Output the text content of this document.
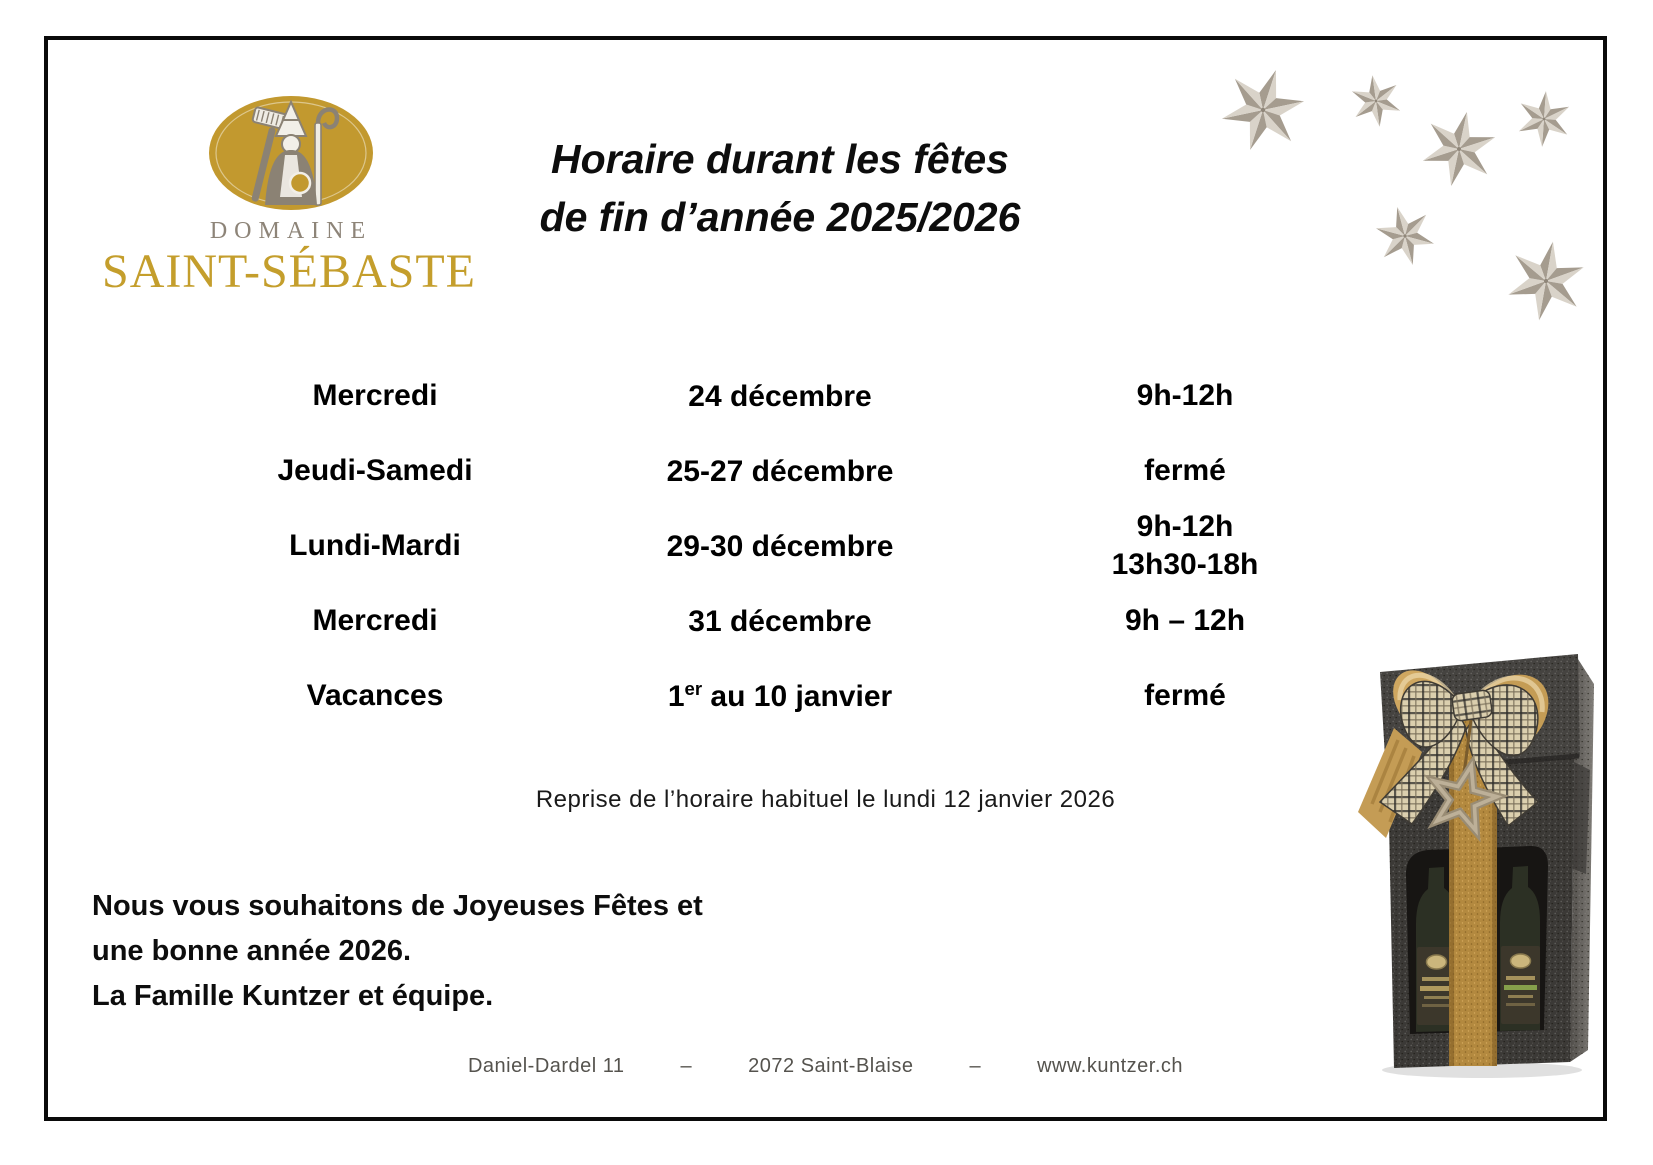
DOMAINE
SAINT-SÉBASTE
Horaire durant les fêtes
de fin d’année 2025/2026
Mercredi	24 décembre	9h-12h
Jeudi-Samedi	25-27 décembre	fermé
Lundi-Mardi	29-30 décembre
9h-12h
13h30-18h
Mercredi	31 décembre	9h – 12h
Vacances	1er au 10 janvier	fermé
Reprise de l’horaire habituel le lundi 12 janvier 2026
Nous vous souhaitons de Joyeuses Fêtes et
une bonne année 2026.
La Famille Kuntzer et équipe.
Daniel-Dardel 11	–	2072 Saint-Blaise	–	www.kuntzer.ch
